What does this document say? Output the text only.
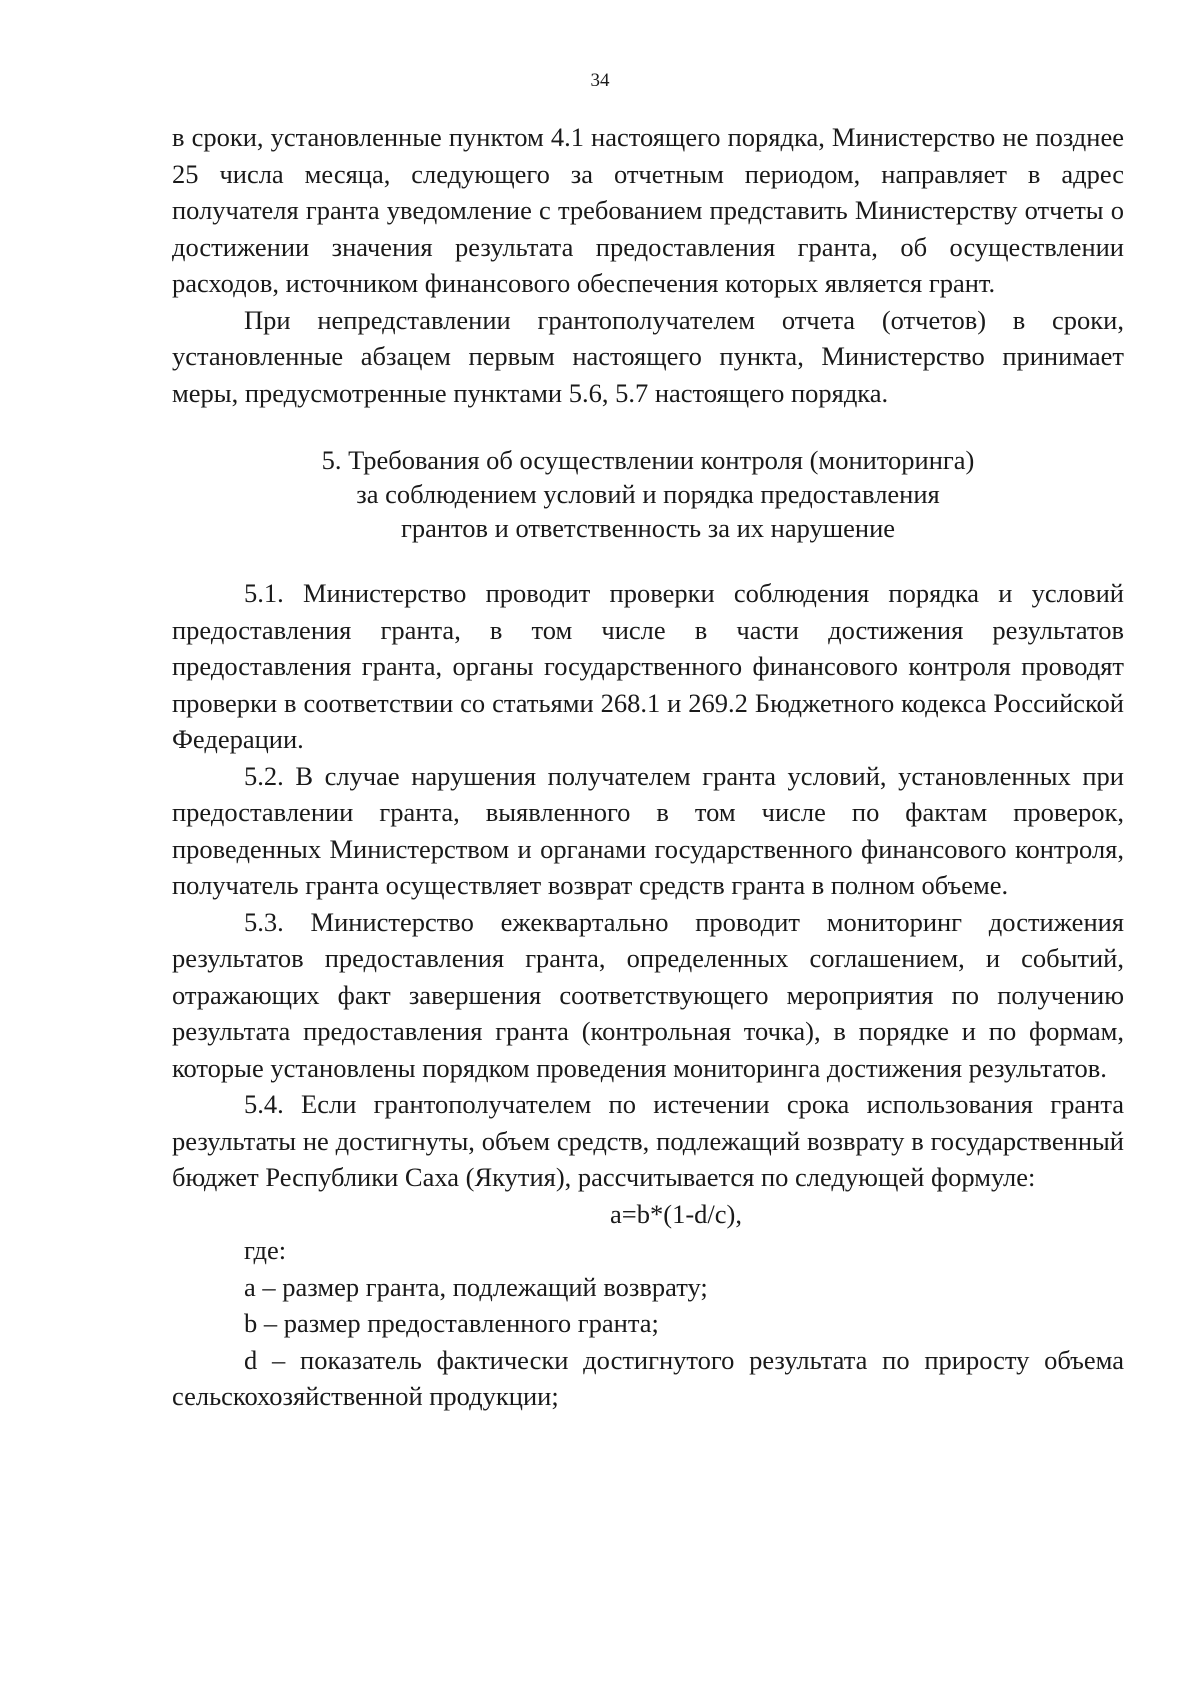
34

в сроки, установленные пунктом 4.1 настоящего порядка, Министерство не позднее 25 числа месяца, следующего за отчетным периодом, направляет в адрес получателя гранта уведомление с требованием представить Министерству отчеты о достижении значения результата предоставления гранта, об осуществлении расходов, источником финансового обеспечения которых является грант.

При непредставлении грантополучателем отчета (отчетов) в сроки, установленные абзацем первым настоящего пункта, Министерство принимает меры, предусмотренные пунктами 5.6, 5.7 настоящего порядка.

5. Требования об осуществлении контроля (мониторинга)
за соблюдением условий и порядка предоставления
грантов и ответственность за их нарушение

5.1. Министерство проводит проверки соблюдения порядка и условий предоставления гранта, в том числе в части достижения результатов предоставления гранта, органы государственного финансового контроля проводят проверки в соответствии со статьями 268.1 и 269.2 Бюджетного кодекса Российской Федерации.

5.2. В случае нарушения получателем гранта условий, установленных при предоставлении гранта, выявленного в том числе по фактам проверок, проведенных Министерством и органами государственного финансового контроля, получатель гранта осуществляет возврат средств гранта в полном объеме.

5.3. Министерство ежеквартально проводит мониторинг достижения результатов предоставления гранта, определенных соглашением, и событий, отражающих факт завершения соответствующего мероприятия по получению результата предоставления гранта (контрольная точка), в порядке и по формам, которые установлены порядком проведения мониторинга достижения результатов.

5.4. Если грантополучателем по истечении срока использования гранта результаты не достигнуты, объем средств, подлежащий возврату в государственный бюджет Республики Саха (Якутия), рассчитывается по следующей формуле:

a=b*(1-d/c),

где:

a – размер гранта, подлежащий возврату;

b – размер предоставленного гранта;

d – показатель фактически достигнутого результата по приросту объема сельскохозяйственной продукции;
